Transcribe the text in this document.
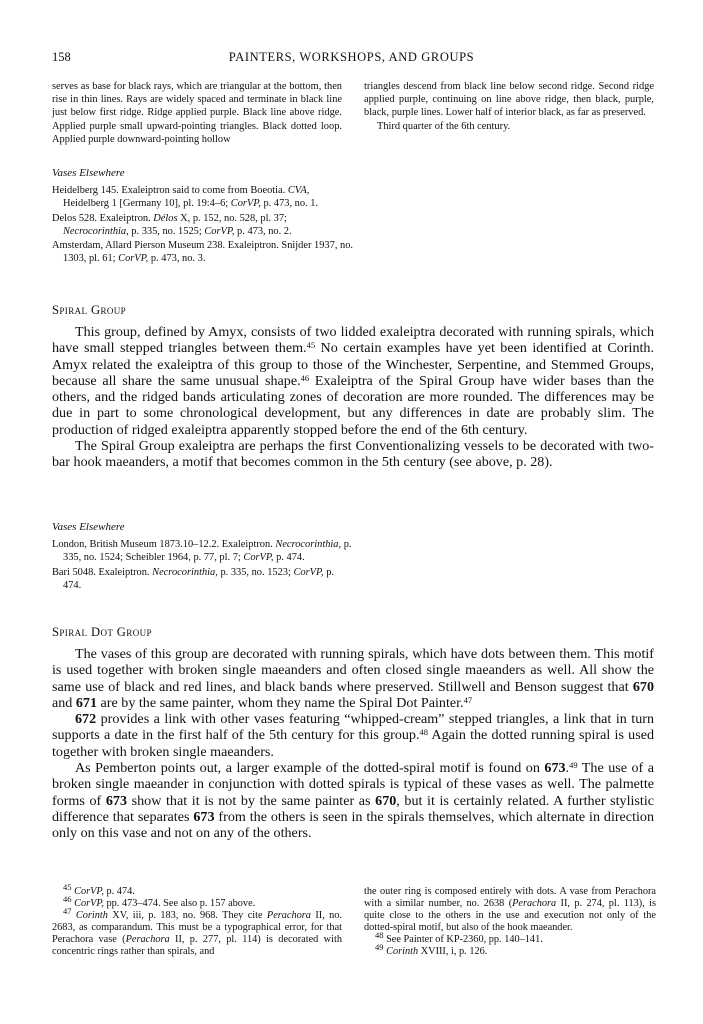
158	PAINTERS, WORKSHOPS, AND GROUPS

serves as base for black rays, which are triangular at the bottom, then rise in thin lines. Rays are widely spaced and terminate in black line just below first ridge. Ridge applied purple. Black line above ridge. Applied purple small upward-pointing triangles. Black dotted loop. Applied purple downward-pointing hollow

triangles descend from black line below second ridge. Second ridge applied purple, continuing on line above ridge, then black, purple, black, purple lines. Lower half of interior black, as far as preserved.

Third quarter of the 6th century.

Vases Elsewhere

Heidelberg 145. Exaleiptron said to come from Boeotia. CVA, Heidelberg 1 [Germany 10], pl. 19:4–6; CorVP, p. 473, no. 1.

Delos 528. Exaleiptron. Délos X, p. 152, no. 528, pl. 37; Necrocorinthia, p. 335, no. 1525; CorVP, p. 473, no. 2.

Amsterdam, Allard Pierson Museum 238. Exaleiptron. Snijder 1937, no. 1303, pl. 61; CorVP, p. 473, no. 3.

Spiral Group

This group, defined by Amyx, consists of two lidded exaleiptra decorated with running spirals, which have small stepped triangles between them.$^{45}$ No certain examples have yet been identified at Corinth. Amyx related the exaleiptra of this group to those of the Winchester, Serpentine, and Stemmed Groups, because all share the same unusual shape.$^{46}$ Exaleiptra of the Spiral Group have wider bases than the others, and the ridged bands articulating zones of decoration are more rounded. The differences may be due in part to some chronological development, but any differences in date are probably slim. The production of ridged exaleiptra apparently stopped before the end of the 6th century.

The Spiral Group exaleiptra are perhaps the first Conventionalizing vessels to be decorated with two-bar hook maeanders, a motif that becomes common in the 5th century (see above, p. 28).

Vases Elsewhere

London, British Museum 1873.10–12.2. Exaleiptron. Necrocorinthia, p. 335, no. 1524; Scheibler 1964, p. 77, pl. 7; CorVP, p. 474.

Bari 5048. Exaleiptron. Necrocorinthia, p. 335, no. 1523; CorVP, p. 474.

Spiral Dot Group

The vases of this group are decorated with running spirals, which have dots between them. This motif is used together with broken single maeanders and often closed single maeanders as well. All show the same use of black and red lines, and black bands where preserved. Stillwell and Benson suggest that 670 and 671 are by the same painter, whom they name the Spiral Dot Painter.$^{47}$

672 provides a link with other vases featuring “whipped-cream” stepped triangles, a link that in turn supports a date in the first half of the 5th century for this group.$^{48}$ Again the dotted running spiral is used together with broken single maeanders.

As Pemberton points out, a larger example of the dotted-spiral motif is found on 673.49 The use of a broken single maeander in conjunction with dotted spirals is typical of these vases as well. The palmette forms of 673 show that it is not by the same painter as 670, but it is certainly related. A further stylistic difference that separates 673 from the others is seen in the spirals themselves, which alternate in direction only on this vase and not on any of the others.

$^{45}$ CorVP, p. 474.

$^{46}$ CorVP, pp. 473–474. See also p. 157 above.

$^{47}$ Corinth XV, iii, p. 183, no. 968. They cite Perachora II, no. 2683, as comparandum. This must be a typographical error, for that Perachora vase (Perachora II, p. 277, pl. 114) is decorated with concentric rings rather than spirals, and

the outer ring is composed entirely with dots. A vase from Perachora with a similar number, no. 2638 (Perachora II, p. 274, pl. 113), is quite close to the others in the use and execution not only of the dotted-spiral motif, but also of the hook maeander.

$^{48}$ See Painter of KP-2360, pp. 140–141.

$^{49}$ Corinth XVIII, i, p. 126.
